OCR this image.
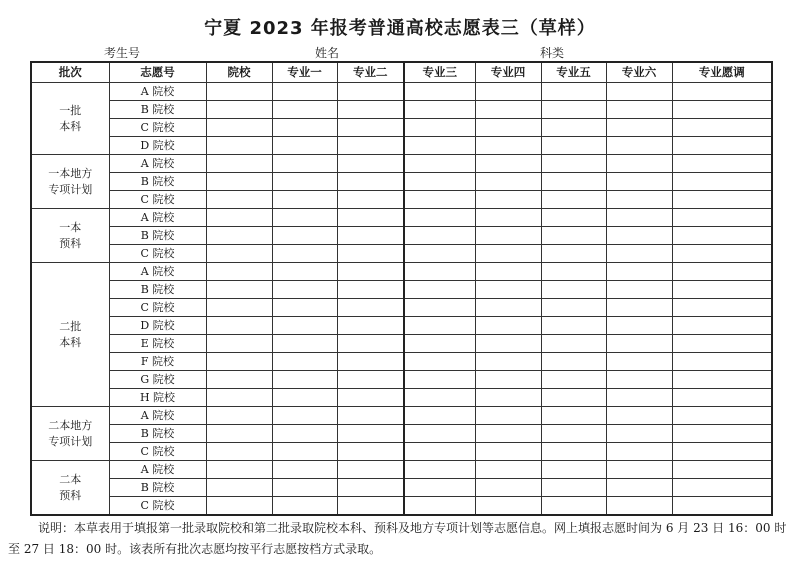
宁夏 2023 年报考普通高校志愿表三（草样）
考生号	姓名	科类
批次	志愿号	院校	专业一	专业二	专业三	专业四	专业五	专业六	专业愿调

一批
本科	A 院校								
	B 院校								
	C 院校								
	D 院校								

一本地方
专项计划	A 院校								
	B 院校								
	C 院校								

一本
预科	A 院校								
	B 院校								
	C 院校								

二批
本科	A 院校								
	B 院校								
	C 院校								
	D 院校								
	E 院校								
	F 院校								
	G 院校								
	H 院校								

二本地方
专项计划	A 院校								
	B 院校								
	C 院校								

二本
预科	A 院校								
	B 院校								
	C 院校								
说明：本草表用于填报第一批录取院校和第二批录取院校本科、预科及地方专项计划等志愿信息。网上填报志愿时间为 6 月 23 日 16：00 时至 27 日 18：00 时。该表所有批次志愿均按平行志愿按档方式录取。
